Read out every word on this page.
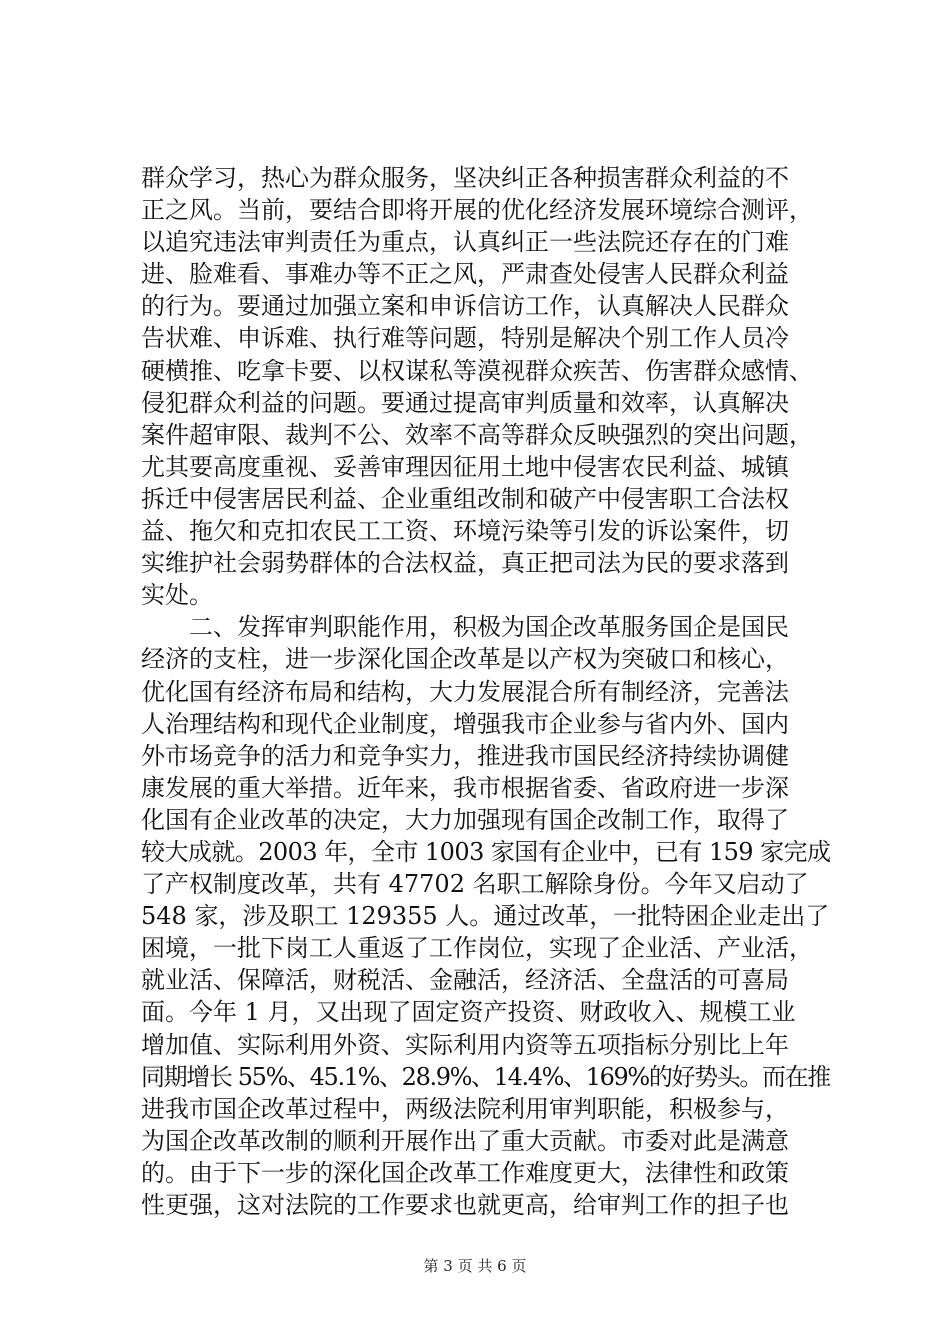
群众学习，热心为群众服务，坚决纠正各种损害群众利益的不
正之风。当前，要结合即将开展的优化经济发展环境综合测评，
以追究违法审判责任为重点，认真纠正一些法院还存在的门难
进、脸难看、事难办等不正之风，严肃查处侵害人民群众利益
的行为。要通过加强立案和申诉信访工作，认真解决人民群众
告状难、申诉难、执行难等问题，特别是解决个别工作人员冷
硬横推、吃拿卡要、以权谋私等漠视群众疾苦、伤害群众感情、
侵犯群众利益的问题。要通过提高审判质量和效率，认真解决
案件超审限、裁判不公、效率不高等群众反映强烈的突出问题，
尤其要高度重视、妥善审理因征用土地中侵害农民利益、城镇
拆迁中侵害居民利益、企业重组改制和破产中侵害职工合法权
益、拖欠和克扣农民工工资、环境污染等引发的诉讼案件，切
实维护社会弱势群体的合法权益，真正把司法为民的要求落到
实处。
　　二、发挥审判职能作用，积极为国企改革服务国企是国民
经济的支柱，进一步深化国企改革是以产权为突破口和核心，
优化国有经济布局和结构，大力发展混合所有制经济，完善法
人治理结构和现代企业制度，增强我市企业参与省内外、国内
外市场竞争的活力和竞争实力，推进我市国民经济持续协调健
康发展的重大举措。近年来，我市根据省委、省政府进一步深
化国有企业改革的决定，大力加强现有国企改制工作，取得了
较大成就。2003 年，全市 1003 家国有企业中，已有 159 家完成
了产权制度改革，共有 47702 名职工解除身份。今年又启动了
548 家，涉及职工 129355 人。通过改革，一批特困企业走出了
困境，一批下岗工人重返了工作岗位，实现了企业活、产业活，
就业活、保障活，财税活、金融活，经济活、全盘活的可喜局
面。今年 1 月，又出现了固定资产投资、财政收入、规模工业
增加值、实际利用外资、实际利用内资等五项指标分别比上年
同期增长 55%、45.1%、28.9%、14.4%、169%的好势头。而在推
进我市国企改革过程中，两级法院利用审判职能，积极参与，
为国企改革改制的顺利开展作出了重大贡献。市委对此是满意
的。由于下一步的深化国企改革工作难度更大，法律性和政策
性更强，这对法院的工作要求也就更高，给审判工作的担子也
第 3 页 共 6 页
